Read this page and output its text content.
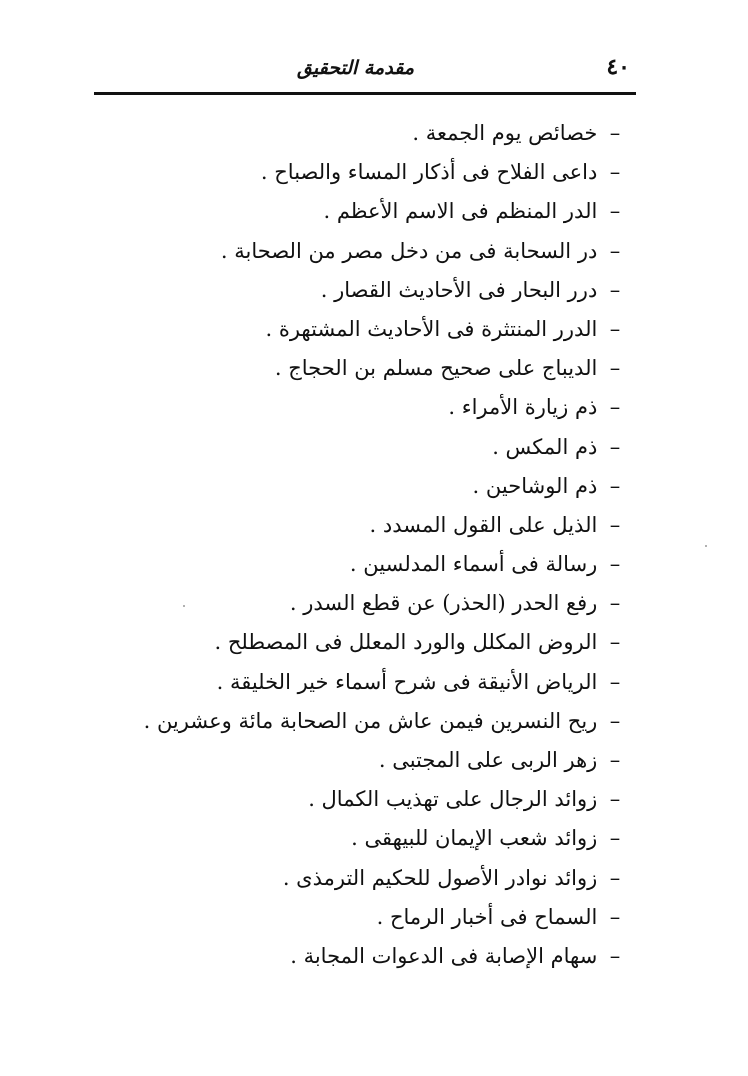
٤٠
مقدمة التحقيق
– خصائص يوم الجمعة .
– داعى الفلاح فى أذكار المساء والصباح .
– الدر المنظم فى الاسم الأعظم .
– در السحابة فى من دخل مصر من الصحابة .
– درر البحار فى الأحاديث القصار .
– الدرر المنتثرة فى الأحاديث المشتهرة .
– الديباج على صحيح مسلم بن الحجاج .
– ذم زيارة الأمراء .
– ذم المكس .
– ذم الوشاحين .
– الذيل على القول المسدد .
– رسالة فى أسماء المدلسين .
– رفع الحدر (الحذر) عن قطع السدر .
– الروض المكلل والورد المعلل فى المصطلح .
– الرياض الأنيقة فى شرح أسماء خير الخليقة .
– ريح النسرين فيمن عاش من الصحابة مائة وعشرين .
– زهر الربى على المجتبى .
– زوائد الرجال على تهذيب الكمال .
– زوائد شعب الإيمان للبيهقى .
– زوائد نوادر الأصول للحكيم الترمذى .
– السماح فى أخبار الرماح .
– سهام الإصابة فى الدعوات المجابة .
